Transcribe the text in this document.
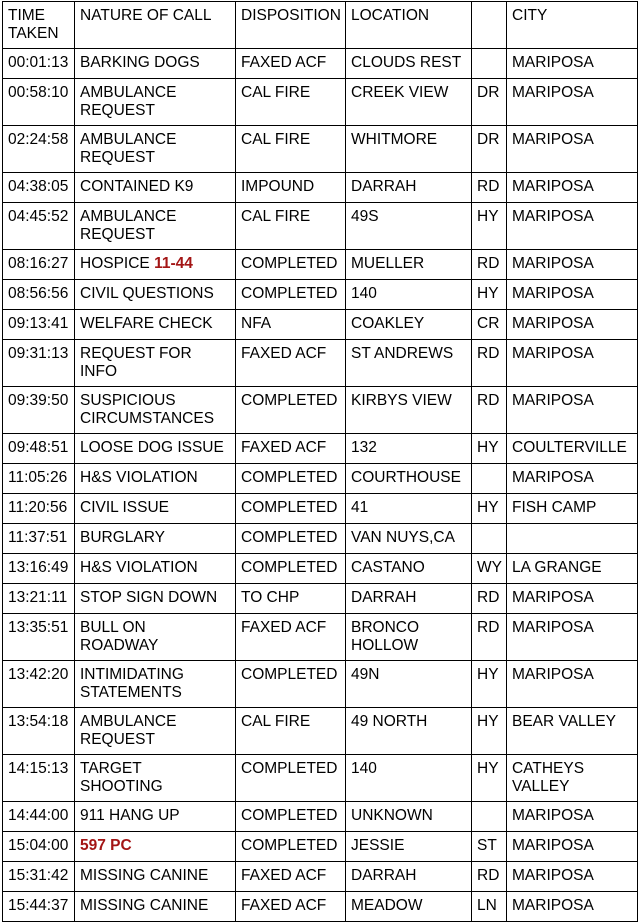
TIME
TAKEN	NATURE OF CALL	DISPOSITION	LOCATION		CITY
00:01:13	BARKING DOGS	FAXED ACF	CLOUDS REST		MARIPOSA
00:58:10	AMBULANCE
REQUEST	CAL FIRE	CREEK VIEW	DR	MARIPOSA
02:24:58	AMBULANCE
REQUEST	CAL FIRE	WHITMORE	DR	MARIPOSA
04:38:05	CONTAINED K9	IMPOUND	DARRAH	RD	MARIPOSA
04:45:52	AMBULANCE
REQUEST	CAL FIRE	49S	HY	MARIPOSA
08:16:27	HOSPICE 11-44	COMPLETED	MUELLER	RD	MARIPOSA
08:56:56	CIVIL QUESTIONS	COMPLETED	140	HY	MARIPOSA
09:13:41	WELFARE CHECK	NFA	COAKLEY	CR	MARIPOSA
09:31:13	REQUEST FOR
INFO	FAXED ACF	ST ANDREWS	RD	MARIPOSA
09:39:50	SUSPICIOUS
CIRCUMSTANCES	COMPLETED	KIRBYS VIEW	RD	MARIPOSA
09:48:51	LOOSE DOG ISSUE	FAXED ACF	132	HY	COULTERVILLE
11:05:26	H&S VIOLATION	COMPLETED	COURTHOUSE		MARIPOSA
11:20:56	CIVIL ISSUE	COMPLETED	41	HY	FISH CAMP
11:37:51	BURGLARY	COMPLETED	VAN NUYS,CA		
13:16:49	H&S VIOLATION	COMPLETED	CASTANO	WY	LA GRANGE
13:21:11	STOP SIGN DOWN	TO CHP	DARRAH	RD	MARIPOSA
13:35:51	BULL ON
ROADWAY	FAXED ACF	BRONCO
HOLLOW	RD	MARIPOSA
13:42:20	INTIMIDATING
STATEMENTS	COMPLETED	49N	HY	MARIPOSA
13:54:18	AMBULANCE
REQUEST	CAL FIRE	49 NORTH	HY	BEAR VALLEY
14:15:13	TARGET
SHOOTING	COMPLETED	140	HY	CATHEYS
VALLEY
14:44:00	911 HANG UP	COMPLETED	UNKNOWN		MARIPOSA
15:04:00	597 PC	COMPLETED	JESSIE	ST	MARIPOSA
15:31:42	MISSING CANINE	FAXED ACF	DARRAH	RD	MARIPOSA
15:44:37	MISSING CANINE	FAXED ACF	MEADOW	LN	MARIPOSA
